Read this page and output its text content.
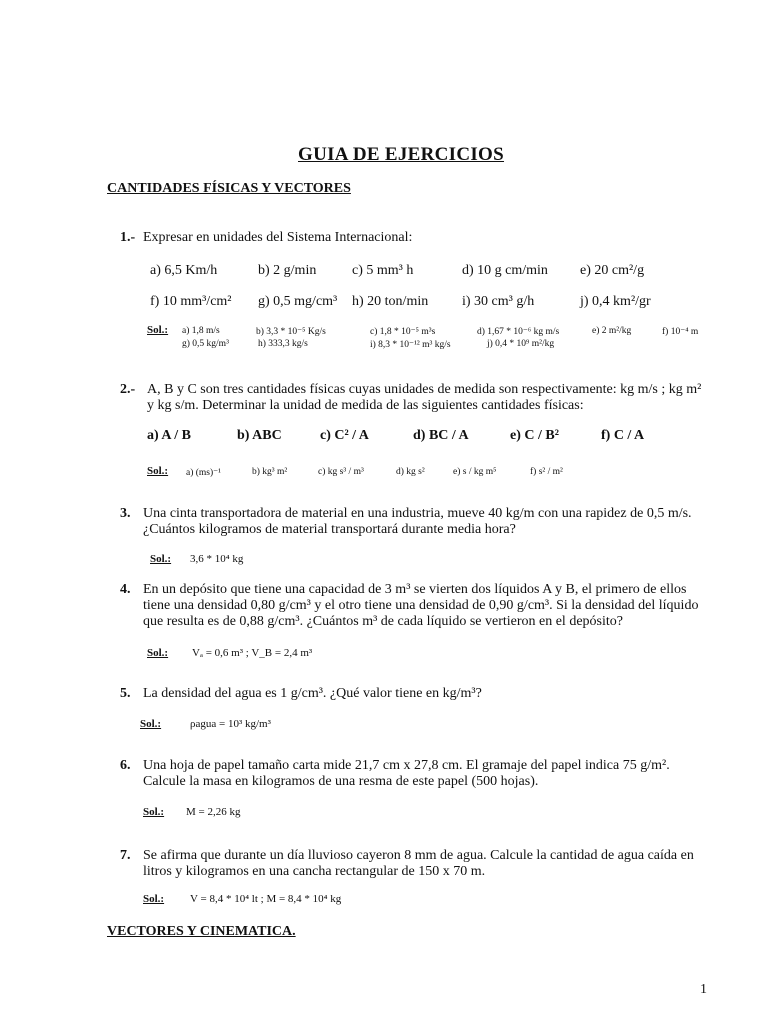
GUIA DE EJERCICIOS
CANTIDADES FÍSICAS Y VECTORES
1.- Expresar en unidades del Sistema Internacional:
a) 6,5 Km/h	b) 2 g/min	c) 5 mm³ h	d) 10 g cm/min e) 20 cm²/g
f) 10 mm³/cm² g) 0,5 mg/cm³ h) 20 ton/min i) 30 cm³ g/h	j) 0,4 km²/gr
Sol.: a) 1,8 m/s	b) 3,3 * 10⁻⁵ Kg/s	c) 1,8 * 10⁻⁵ m³s	d) 1,67 * 10⁻⁶ kg m/s	e) 2 m²/kg	f) 10⁻⁴ m
g) 0,5 kg/m³	h) 333,3 kg/s	i) 8,3 * 10⁻¹² m³ kg/s	j) 0,4 * 10⁹ m²/kg
2.- A, B y C son tres cantidades físicas cuyas unidades de medida son respectivamente: kg m/s ; kg m²
y kg s/m. Determinar la unidad de medida de las siguientes cantidades físicas:
a) A / B	b) ABC	c) C² / A	d) BC / A	e) C / B²	f) C / A
Sol.: a) (ms)⁻¹	b) kg³ m²	c) kg s³ / m³	d) kg s²	e) s / kg m⁵	f) s² / m²
3. Una cinta transportadora de material en una industria, mueve 40 kg/m con una rapidez de 0,5 m/s.
¿Cuántos kilogramos de material transportará durante media hora?
Sol.: 3,6 * 10⁴ kg
4. En un depósito que tiene una capacidad de 3 m³ se vierten dos líquidos A y B, el primero de ellos
tiene una densidad 0,80 g/cm³ y el otro tiene una densidad de 0,90 g/cm³. Si la densidad del líquido
que resulta es de 0,88 g/cm³. ¿Cuántos m³ de cada líquido se vertieron en el depósito?
Sol.: Vₐ = 0,6 m³ ; V_B = 2,4 m³
5. La densidad del agua es 1 g/cm³. ¿Qué valor tiene en kg/m³?
Sol.:	ρagua = 10³ kg/m³
6. Una hoja de papel tamaño carta mide 21,7 cm x 27,8 cm. El gramaje del papel indica 75 g/m².
Calcule la masa en kilogramos de una resma de este papel (500 hojas).
Sol.: M = 2,26 kg
7. Se afirma que durante un día lluvioso cayeron 8 mm de agua. Calcule la cantidad de agua caída en
litros y kilogramos en una cancha rectangular de 150 x 70 m.
Sol.: V = 8,4 * 10⁴ lt ; M = 8,4 * 10⁴ kg
VECTORES Y CINEMATICA.
1
